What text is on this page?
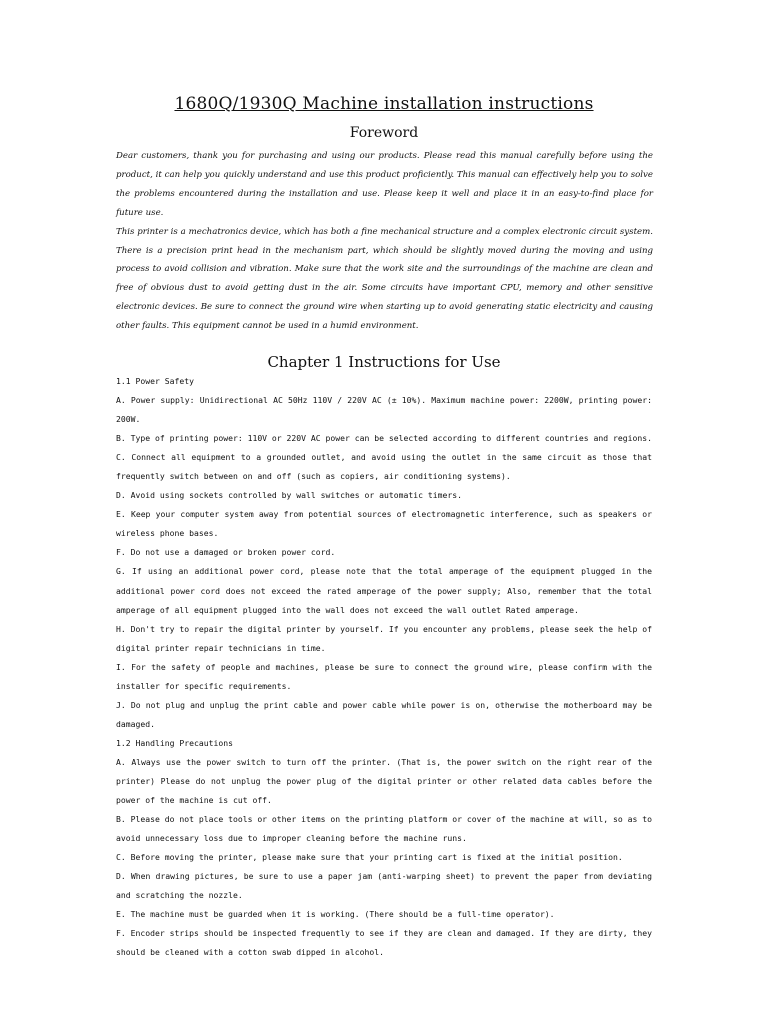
1680Q/1930Q Machine installation instructions
Foreword

Dear customers, thank you for purchasing and using our products. Please read this manual carefully before using the product, it can help you quickly understand and use this product proficiently. This manual can effectively help you to solve the problems encountered during the installation and use. Please keep it well and place it in an easy-to-find place for future use.

This printer is a mechatronics device, which has both a fine mechanical structure and a complex electronic circuit system. There is a precision print head in the mechanism part, which should be slightly moved during the moving and using process to avoid collision and vibration. Make sure that the work site and the surroundings of the machine are clean and free of obvious dust to avoid getting dust in the air. Some circuits have important CPU, memory and other sensitive electronic devices. Be sure to connect the ground wire when starting up to avoid generating static electricity and causing other faults. This equipment cannot be used in a humid environment.

Chapter 1 Instructions for Use

1.1 Power Safety

A. Power supply: Unidirectional AC 50Hz 110V / 220V AC (± 10%). Maximum machine power: 2200W, printing power: 200W.

B. Type of printing power: 110V or 220V AC power can be selected according to different countries and regions.

C. Connect all equipment to a grounded outlet, and avoid using the outlet in the same circuit as those that frequently switch between on and off (such as copiers, air conditioning systems).

D. Avoid using sockets controlled by wall switches or automatic timers.

E. Keep your computer system away from potential sources of electromagnetic interference, such as speakers or wireless phone bases.

F. Do not use a damaged or broken power cord.

G. If using an additional power cord, please note that the total amperage of the equipment plugged in the additional power cord does not exceed the rated amperage of the power supply; Also, remember that the total amperage of all equipment plugged into the wall does not exceed the wall outlet Rated amperage.

H. Don't try to repair the digital printer by yourself. If you encounter any problems, please seek the help of digital printer repair technicians in time.

I. For the safety of people and machines, please be sure to connect the ground wire, please confirm with the installer for specific requirements.

J. Do not plug and unplug the print cable and power cable while power is on, otherwise the motherboard may be damaged.

1.2 Handling Precautions

A. Always use the power switch to turn off the printer. (That is, the power switch on the right rear of the printer) Please do not unplug the power plug of the digital printer or other related data cables before the power of the machine is cut off.

B. Please do not place tools or other items on the printing platform or cover of the machine at will, so as to avoid unnecessary loss due to improper cleaning before the machine runs.

C. Before moving the printer, please make sure that your printing cart is fixed at the initial position.

D. When drawing pictures, be sure to use a paper jam (anti-warping sheet) to prevent the paper from deviating and scratching the nozzle.

E. The machine must be guarded when it is working. (There should be a full-time operator).

F. Encoder strips should be inspected frequently to see if they are clean and damaged. If they are dirty, they should be cleaned with a cotton swab dipped in alcohol.
